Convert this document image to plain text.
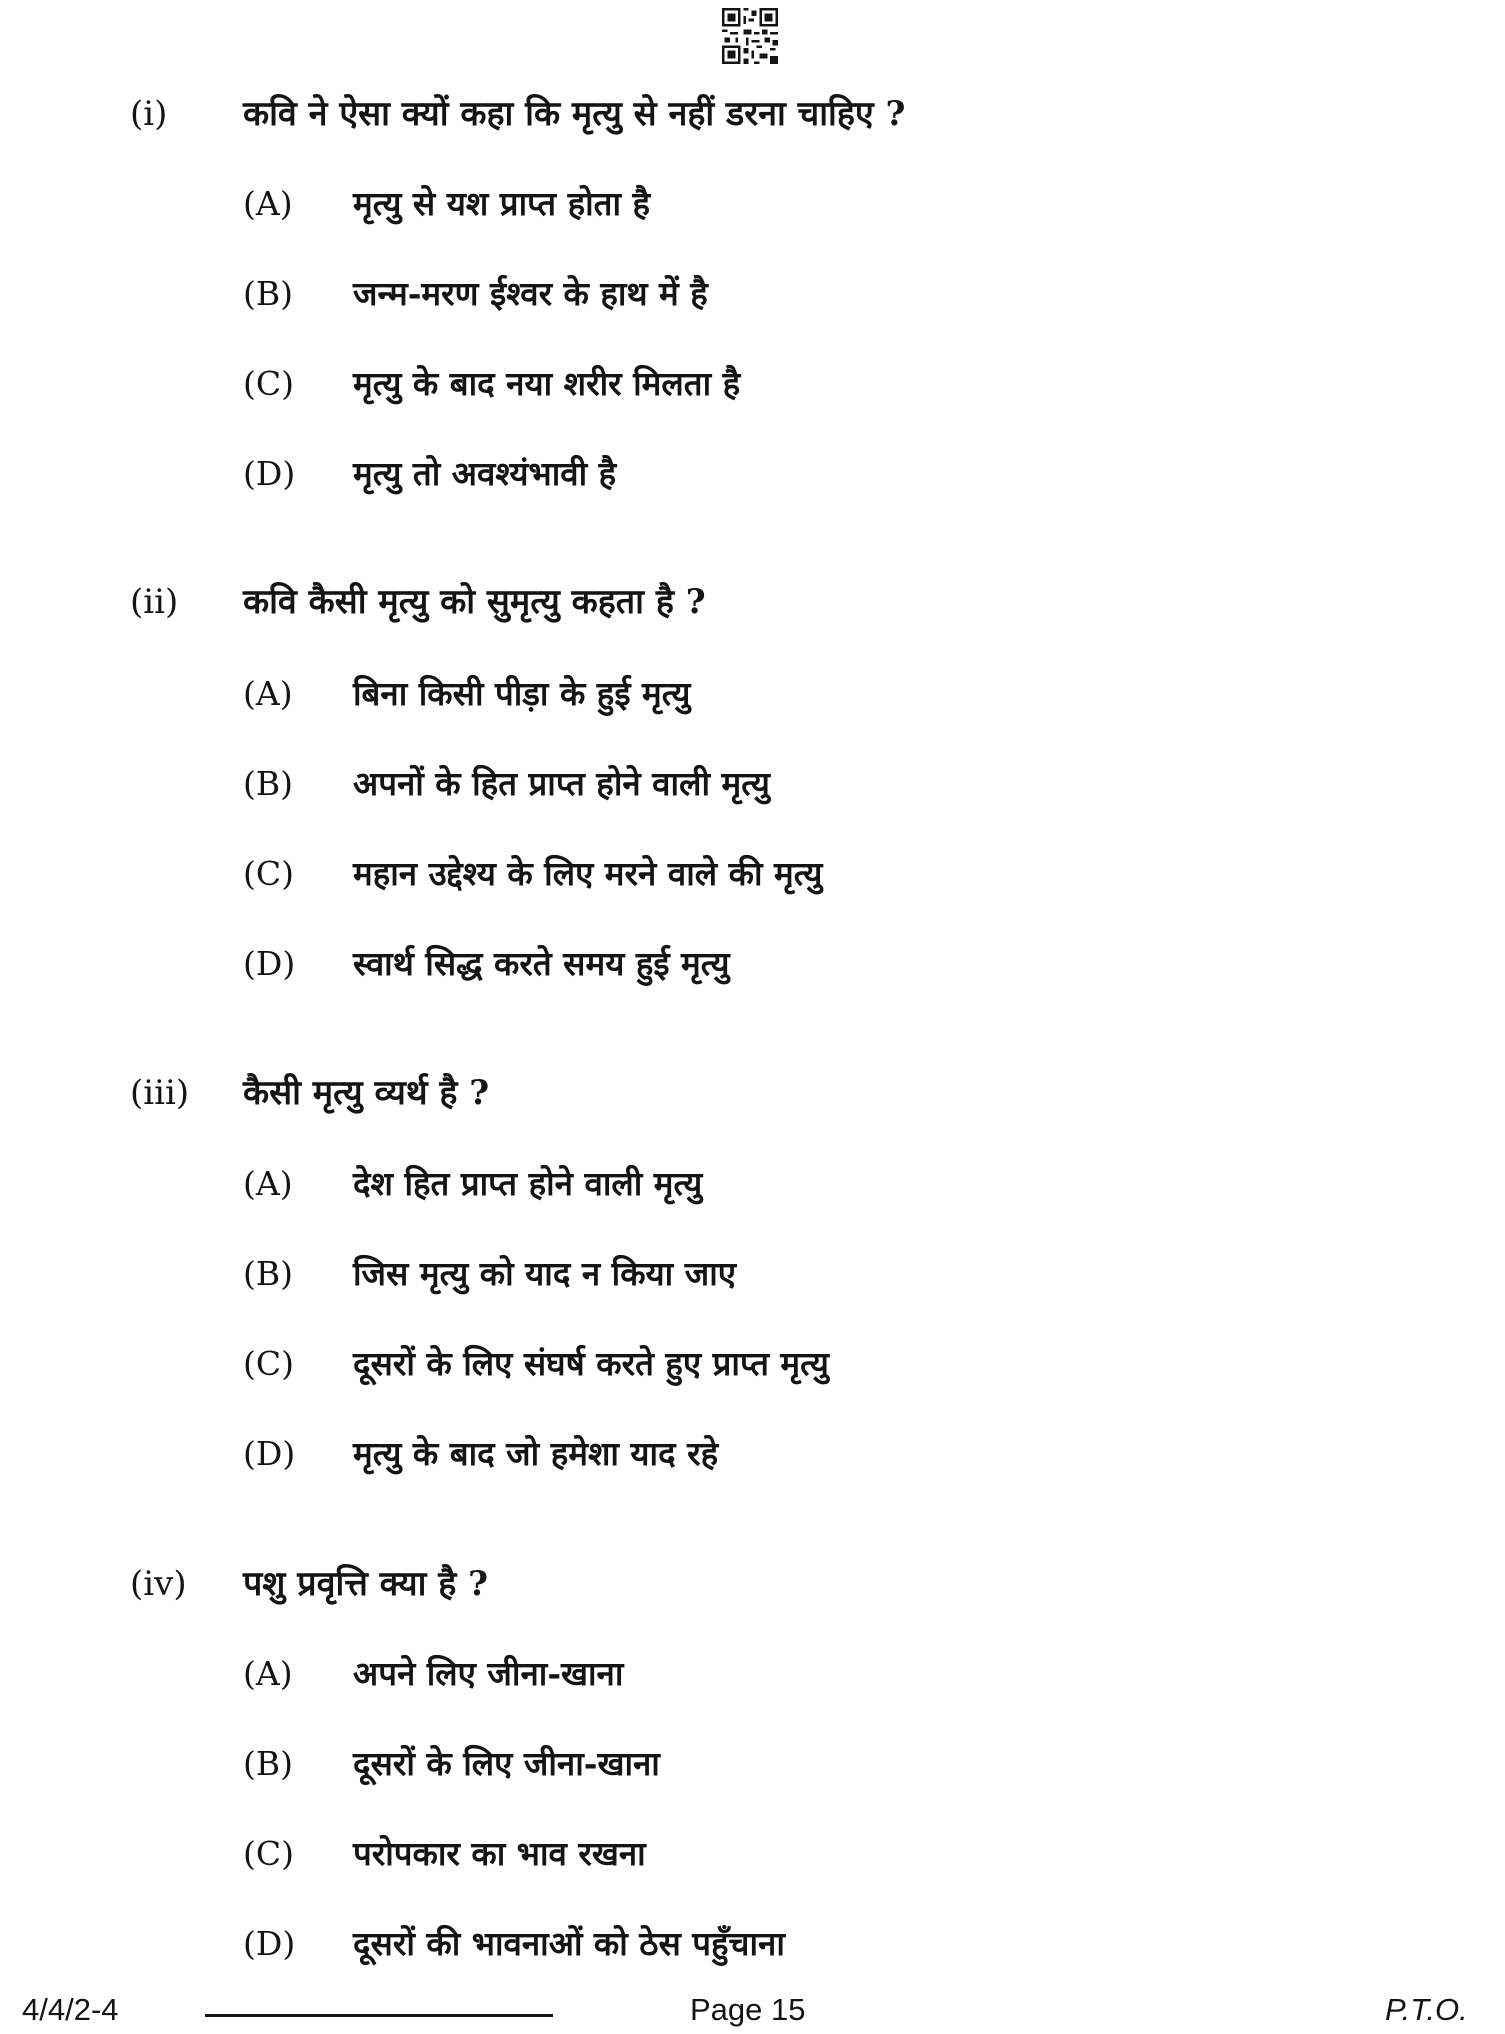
(i) कवि ने ऐसा क्यों कहा कि मृत्यु से नहीं डरना चाहिए ?
(A) मृत्यु से यश प्राप्त होता है
(B) जन्म-मरण ईश्वर के हाथ में है
(C) मृत्यु के बाद नया शरीर मिलता है
(D) मृत्यु तो अवश्यंभावी है
(ii) कवि कैसी मृत्यु को सुमृत्यु कहता है ?
(A) बिना किसी पीड़ा के हुई मृत्यु
(B) अपनों के हित प्राप्त होने वाली मृत्यु
(C) महान उद्देश्य के लिए मरने वाले की मृत्यु
(D) स्वार्थ सिद्ध करते समय हुई मृत्यु
(iii) कैसी मृत्यु व्यर्थ है ?
(A) देश हित प्राप्त होने वाली मृत्यु
(B) जिस मृत्यु को याद न किया जाए
(C) दूसरों के लिए संघर्ष करते हुए प्राप्त मृत्यु
(D) मृत्यु के बाद जो हमेशा याद रहे
(iv) पशु प्रवृत्ति क्या है ?
(A) अपने लिए जीना-खाना
(B) दूसरों के लिए जीना-खाना
(C) परोपकार का भाव रखना
(D) दूसरों की भावनाओं को ठेस पहुँचाना
4/4/2-4	Page 15	P.T.O.
